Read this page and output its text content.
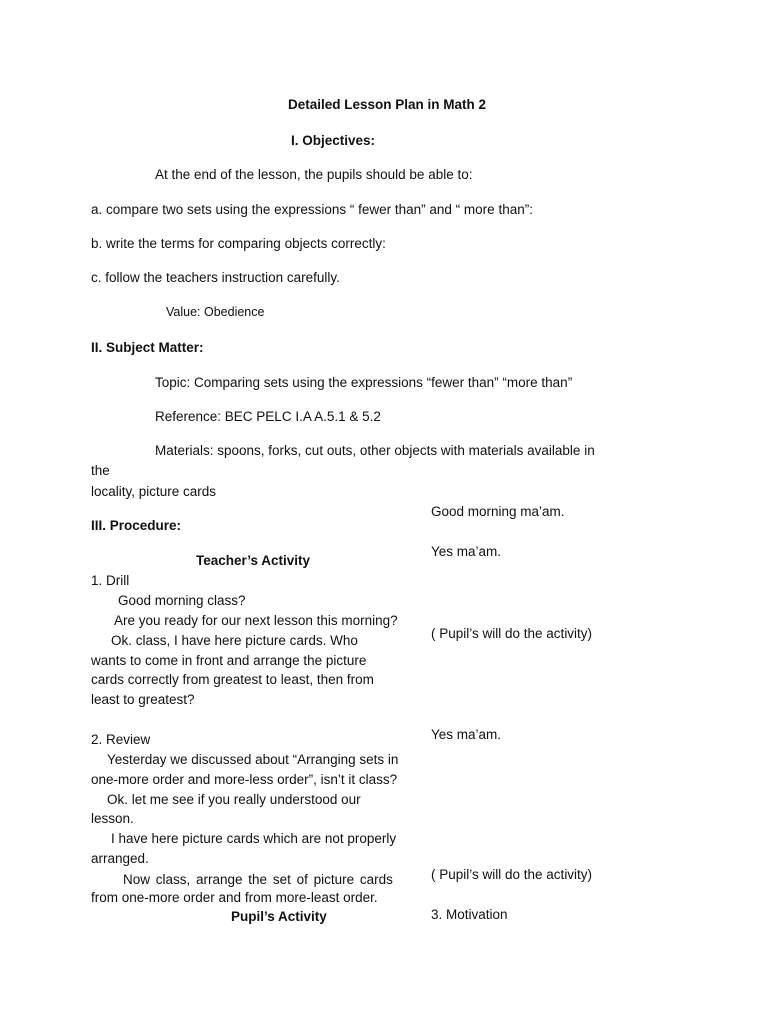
Detailed Lesson Plan in Math 2
I. Objectives:
At the end of the lesson, the pupils should be able to:
a. compare two sets using the expressions “ fewer than” and “ more than”:
b. write the terms for comparing objects correctly:
c. follow the teachers instruction carefully.
Value: Obedience
II. Subject Matter:
Topic: Comparing sets using the expressions “fewer than” “more than”
Reference: BEC PELC I.A A.5.1 & 5.2
Materials: spoons, forks, cut outs, other objects with materials available in
the
locality, picture cards
III. Procedure:
Teacher’s Activity
1. Drill
Good morning class?
Are you ready for our next lesson this morning?
Ok. class, I have here picture cards. Who
wants to come in front and arrange the picture
cards correctly from greatest to least, then from
least to greatest?
2. Review
Yesterday we discussed about “Arranging sets in
one-more order and more-less order”, isn’t it class?
Ok. let me see if you really understood our
lesson.
I have here picture cards which are not properly
arranged.
Now class, arrange the set of picture cards
from one-more order and from more-least order.
Pupil’s Activity
Good morning ma’am.
Yes ma’am.
( Pupil’s will do the activity)
Yes ma’am.
( Pupil’s will do the activity)
3. Motivation
